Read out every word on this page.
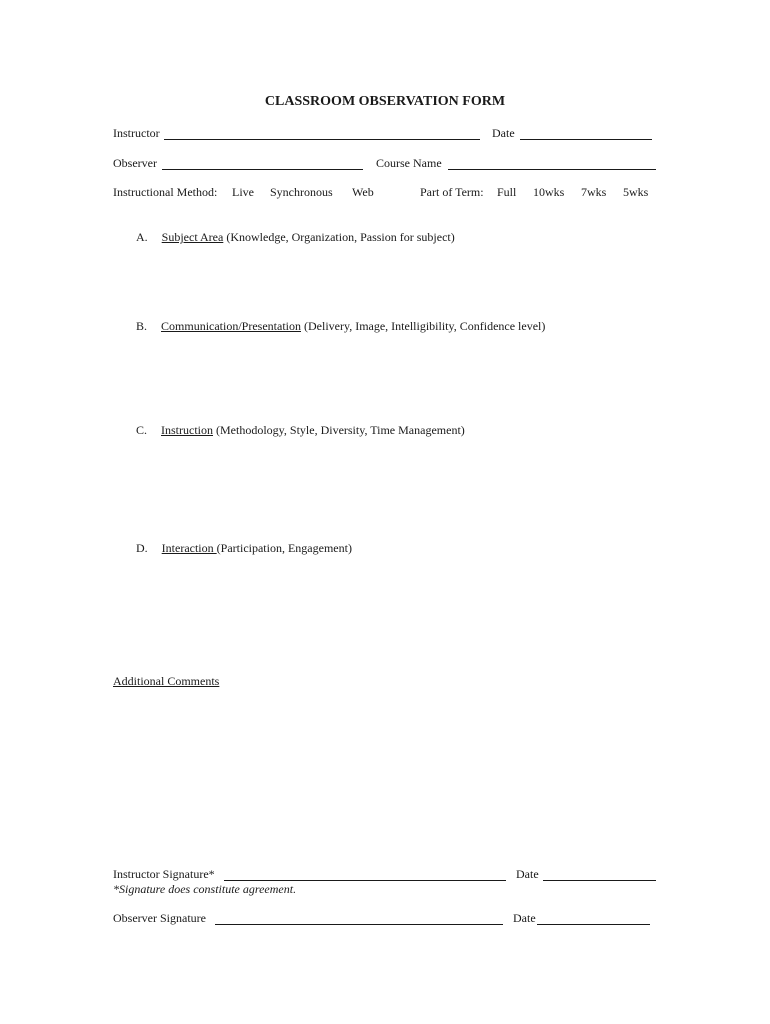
CLASSROOM OBSERVATION FORM
Instructor	Date
Observer	Course Name
Instructional Method: Live Synchronous Web	Part of Term: Full 10wks 7wks 5wks
A. Subject Area (Knowledge, Organization, Passion for subject)
B. Communication/Presentation (Delivery, Image, Intelligibility, Confidence level)
C. Instruction (Methodology, Style, Diversity, Time Management)
D. Interaction (Participation, Engagement)
Additional Comments
Instructor Signature*	Date
*Signature does constitute agreement.
Observer Signature	Date
